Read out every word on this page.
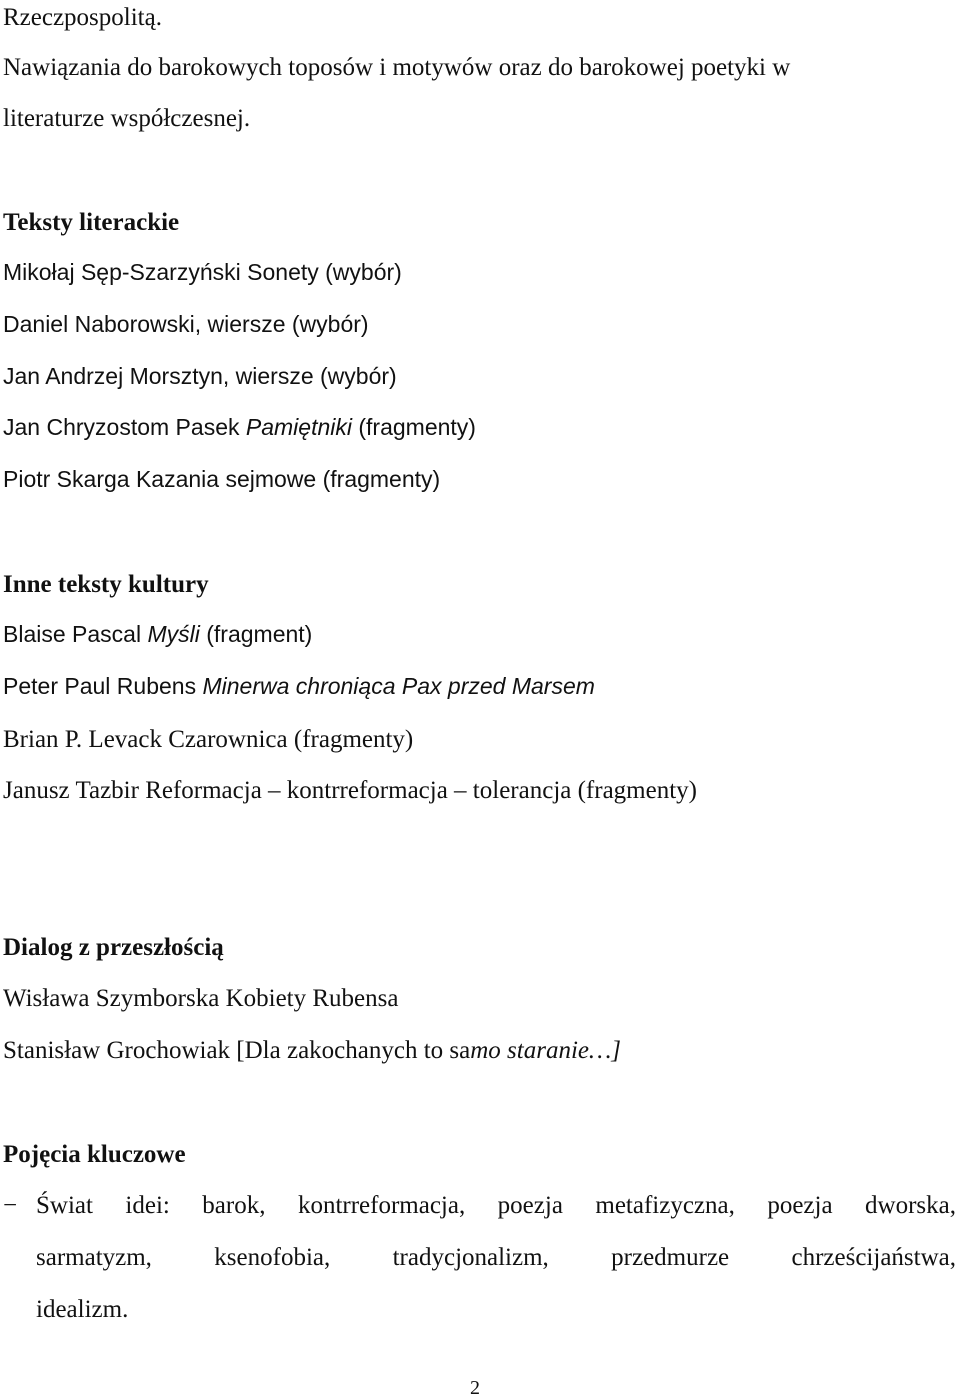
Rzeczpospolitą.
Nawiązania do barokowych toposów i motywów oraz do barokowej poetyki w
literaturze współczesnej.
Teksty literackie
Mikołaj Sęp-Szarzyński Sonety (wybór)
Daniel Naborowski, wiersze (wybór)
Jan Andrzej Morsztyn, wiersze (wybór)
Jan Chryzostom Pasek Pamiętniki (fragmenty)
Piotr Skarga Kazania sejmowe (fragmenty)
Inne teksty kultury
Blaise Pascal Myśli (fragment)
Peter Paul Rubens Minerwa chroniąca Pax przed Marsem
Brian P. Levack Czarownica (fragmenty)
Janusz Tazbir Reformacja – kontrreformacja – tolerancja (fragmenty)
Dialog z przeszłością
Wisława Szymborska Kobiety Rubensa
Stanisław Grochowiak [Dla zakochanych to samo staranie…]
Pojęcia kluczowe
− Świat idei: barok, kontrreformacja, poezja metafizyczna, poezja dworska,
sarmatyzm, ksenofobia, tradycjonalizm, przedmurze chrześcijaństwa,
idealizm.
2
